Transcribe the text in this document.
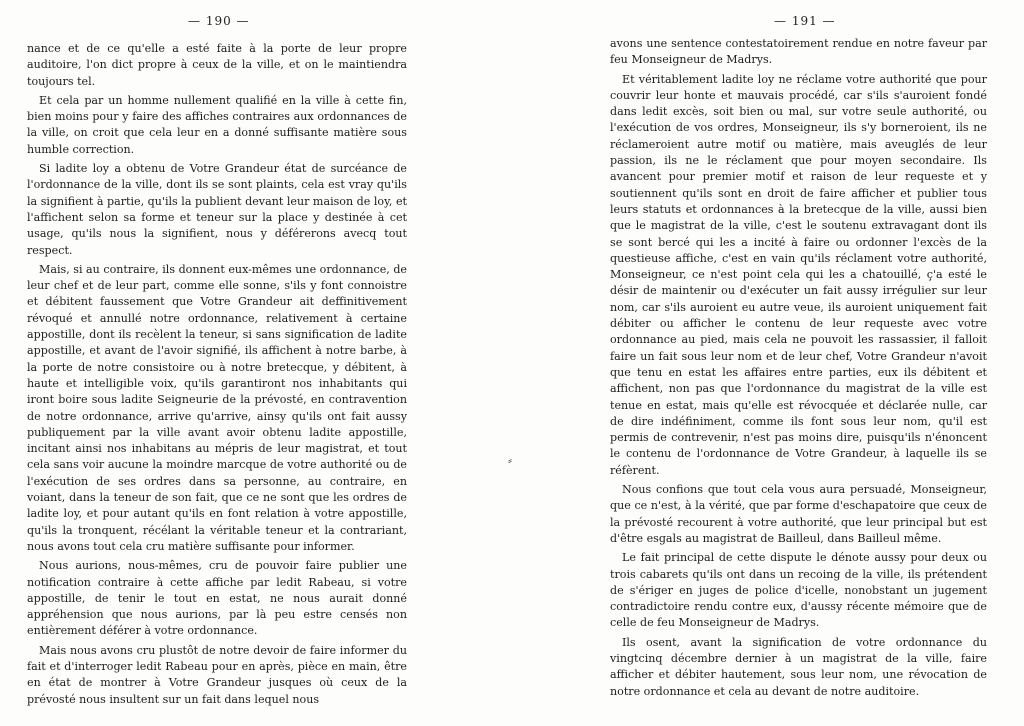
— 190 —

nance et de ce qu'elle a esté faite à la porte de leur propre auditoire, l'on dict propre à ceux de la ville, et on le maintiendra toujours tel.

Et cela par un homme nullement qualifié en la ville à cette fin, bien moins pour y faire des affiches contraires aux ordonnances de la ville, on croit que cela leur en a donné suffisante matière sous humble correction.

Si ladite loy a obtenu de Votre Grandeur état de surcéance de l'ordonnance de la ville, dont ils se sont plaints, cela est vray qu'ils la signifient à partie, qu'ils la publient devant leur maison de loy, et l'affichent selon sa forme et teneur sur la place y destinée à cet usage, qu'ils nous la signifient, nous y déférerons avecq tout respect.

Mais, si au contraire, ils donnent eux-mêmes une ordonnance, de leur chef et de leur part, comme elle sonne, s'ils y font connoistre et débitent faussement que Votre Grandeur ait deffinitivement révoqué et annullé notre ordonnance, relativement à certaine appostille, dont ils recèlent la teneur, si sans signification de ladite appostille, et avant de l'avoir signifié, ils affichent à notre barbe, à la porte de notre consistoire ou à notre bretecque, y débitent, à haute et intelligible voix, qu'ils garantiront nos inhabitants qui iront boire sous ladite Seigneurie de la prévosté, en contravention de notre ordonnance, arrive qu'arrive, ainsy qu'ils ont fait aussy publiquement par la ville avant avoir obtenu ladite appostille, incitant ainsi nos inhabitans au mépris de leur magistrat, et tout cela sans voir aucune la moindre marcque de votre authorité ou de l'exécution de ses ordres dans sa personne, au contraire, en voiant, dans la teneur de son fait, que ce ne sont que les ordres de ladite loy, et pour autant qu'ils en font relation à votre appostille, qu'ils la tronquent, récélant la véritable teneur et la contrariant, nous avons tout cela cru matière suffisante pour informer.

Nous aurions, nous-mêmes, cru de pouvoir faire publier une notification contraire à cette affiche par ledit Rabeau, si votre appostille, de tenir le tout en estat, ne nous aurait donné appréhension que nous aurions, par là peu estre censés non entièrement déférer à votre ordonnance.

Mais nous avons cru plustôt de notre devoir de faire informer du fait et d'interroger ledit Rabeau pour en après, pièce en main, être en état de montrer à Votre Grandeur jusques où ceux de la prévosté nous insultent sur un fait dans lequel nous

⸗
— 191 —

avons une sentence contestatoirement rendue en notre faveur par feu Monseigneur de Madrys.

Et véritablement ladite loy ne réclame votre authorité que pour couvrir leur honte et mauvais procédé, car s'ils s'auroient fondé dans ledit excès, soit bien ou mal, sur votre seule authorité, ou l'exécution de vos ordres, Monseigneur, ils s'y borneroient, ils ne réclameroient autre motif ou matière, mais aveuglés de leur passion, ils ne le réclament que pour moyen secondaire. Ils avancent pour premier motif et raison de leur requeste et y soutiennent qu'ils sont en droit de faire afficher et publier tous leurs statuts et ordonnances à la bretecque de la ville, aussi bien que le magistrat de la ville, c'est le soutenu extravagant dont ils se sont bercé qui les a incité à faire ou ordonner l'excès de la questieuse affiche, c'est en vain qu'ils réclament votre authorité, Monseigneur, ce n'est point cela qui les a chatouillé, ç'a esté le désir de maintenir ou d'exécuter un fait aussy irrégulier sur leur nom, car s'ils auroient eu autre veue, ils auroient uniquement fait débiter ou afficher le contenu de leur requeste avec votre ordonnance au pied, mais cela ne pouvoit les rassassier, il falloit faire un fait sous leur nom et de leur chef, Votre Grandeur n'avoit que tenu en estat les affaires entre parties, eux ils débitent et affichent, non pas que l'ordonnance du magistrat de la ville est tenue en estat, mais qu'elle est révocquée et déclarée nulle, car de dire indéfiniment, comme ils font sous leur nom, qu'il est permis de contrevenir, n'est pas moins dire, puisqu'ils n'énoncent le contenu de l'ordonnance de Votre Grandeur, à laquelle ils se réfèrent.

Nous confions que tout cela vous aura persuadé, Monseigneur, que ce n'est, à la vérité, que par forme d'eschapatoire que ceux de la prévosté recourent à votre authorité, que leur principal but est d'être esgals au magistrat de Bailleul, dans Bailleul même.

Le fait principal de cette dispute le dénote aussy pour deux ou trois cabarets qu'ils ont dans un recoing de la ville, ils prétendent de s'ériger en juges de police d'icelle, nonobstant un jugement contradictoire rendu contre eux, d'aussy récente mémoire que de celle de feu Monseigneur de Madrys.

Ils osent, avant la signification de votre ordonnance du vingtcinq décembre dernier à un magistrat de la ville, faire afficher et débiter hautement, sous leur nom, une révocation de notre ordonnance et cela au devant de notre auditoire.
